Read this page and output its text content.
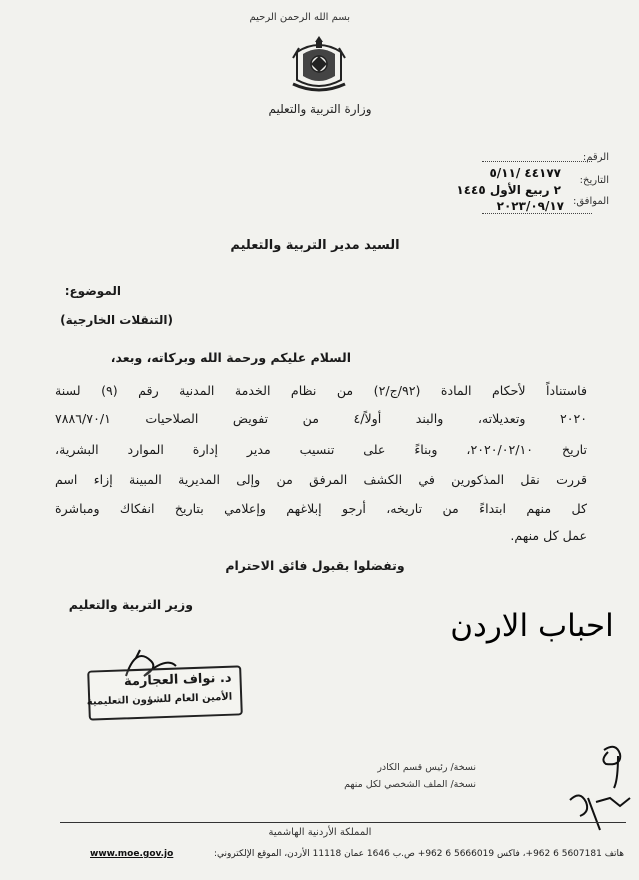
بسم الله الرحمن الرحيم
وزارة التربية والتعليم
الرقم:
٤٤١٧٧ /٥/١١
التاريخ:
٢ ربيع الأول ١٤٤٥
الموافق:
٢٠٢٣/٠٩/١٧
السيد مدير التربية والتعليم
الموضوع:
(التنقلات الخارجية)
السلام عليكم ورحمة الله وبركاته، وبعد،
فاستناداً لأحكام المادة (٩٢/ج/٢) من نظام الخدمة المدنية رقم (٩) لسنة
٢٠٢٠ وتعديلاته، والبند أولاً/٤ من تفويض الصلاحيات ٧٨٨٦/٧٠/١
تاريخ ٢٠٢٠/٠٢/١٠، وبناءً على تنسيب مدير إدارة الموارد البشرية،
قررت نقل المذكورين في الكشف المرفق من وإلى المديرية المبينة إزاء اسم
كل منهم ابتداءً من تاريخه، أرجو إبلاغهم وإعلامي بتاريخ انفكاك ومباشرة
عمل كل منهم.
وتفضلوا بقبول فائق الاحترام
وزير التربية والتعليم
احباب الاردن
د. نواف العجارمة
الأمين العام للشؤون التعليمية
نسخة/ رئيس قسم الكادر
نسخة/ الملف الشخصي لكل منهم
المملكة الأردنية الهاشمية
هاتف 5607181 6 962+، فاكس 5666019 6 962+ ص.ب 1646 عمان 11118 الأردن، الموقع الإلكتروني:
www.moe.gov.jo
